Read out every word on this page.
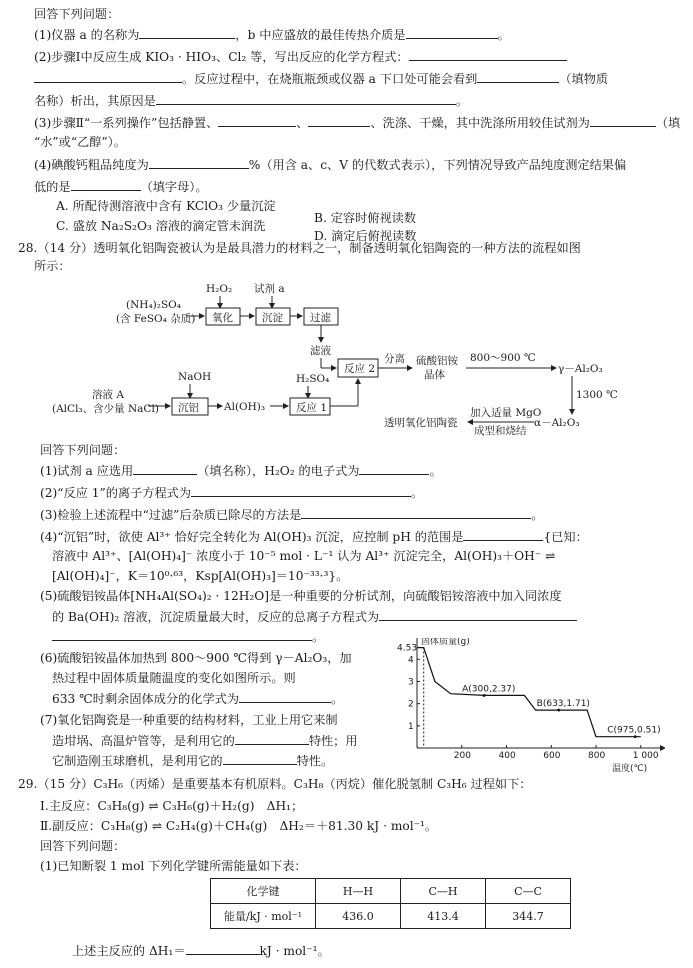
回答下列问题：
(1)仪器 a 的名称为	，b 中应盛放的最佳传热介质是	。
(2)步骤Ⅰ中反应生成 KIO₃ · HIO₃、Cl₂ 等，写出反应的化学方程式：
。反应过程中，在烧瓶瓶颈或仪器 a 下口处可能会看到	（填物质
名称）析出，其原因是	。
(3)步骤Ⅱ“一系列操作”包括静置、	、	、洗涤、干燥，其中洗涤所用较佳试剂为	（填
“水”或“乙醇”）。
(4)碘酸钙粗品纯度为	%（用含 a、c、V 的代数式表示），下列情况导致产品纯度测定结果偏
低的是	（填字母）。
A. 所配待测溶液中含有 KClO₃ 少量沉淀
C. 盛放 Na₂S₂O₃ 溶液的滴定管未润洗
B. 定容时俯视读数
D. 滴定后俯视读数
28.（14 分）透明氧化铝陶瓷被认为是最具潜力的材料之一，制备透明氧化铝陶瓷的一种方法的流程如图
所示：
(NH₄)₂SO₄
(含 FeSO₄ 杂质)
H₂O₂
氧化
试剂 a
沉淀	过滤
滤液
反应 2
分离 硫酸铝铵
晶体
800～900 ℃
γ－Al₂O₃
1300 ℃
α－Al₂O₃
加入适量 MgO
成型和烧结
透明氧化铝陶瓷
溶液 A
(AlCl₃、含少量 NaCl)
NaOH
沉铝 Al(OH)₃
H₂SO₄
反应 1
回答下列问题：
(1)试剂 a 应选用	（填名称），H₂O₂ 的电子式为	。
(2)“反应 1”的离子方程式为	。
(3)检验上述流程中“过滤”后杂质已除尽的方法是	。
(4)“沉铝”时，欲使 Al³⁺ 恰好完全转化为 Al(OH)₃ 沉淀，应控制 pH 的范围是	{已知：
溶液中 Al³⁺、[Al(OH)₄]⁻ 浓度小于 10⁻⁵ mol · L⁻¹ 认为 Al³⁺ 沉淀完全，Al(OH)₃＋OH⁻ ⇌
[Al(OH)₄]⁻，K＝10⁰·⁶³，Ksp[Al(OH)₃]＝10⁻³³·³}。
(5)硫酸铝铵晶体[NH₄Al(SO₄)₂ · 12H₂O]是一种重要的分析试剂，向硫酸铝铵溶液中加入同浓度
的 Ba(OH)₂ 溶液，沉淀质量最大时，反应的总离子方程式为
。
(6)硫酸铝铵晶体加热到 800～900 ℃得到 γ－Al₂O₃，加
热过程中固体质量随温度的变化如图所示。则
633 ℃时剩余固体成分的化学式为	。
(7)氧化铝陶瓷是一种重要的结构材料，工业上用它来制
造坩埚、高温炉管等，是利用它的	特性；用
它制造刚玉球磨机，是利用它的	特性。	200	400	600	800	1 000
1
2
3
4
4.53
固体质量(g)
温度(℃)
A(300,2.37)
B(633,1.71)
C(975,0.51)
29.（15 分）C₃H₆（丙烯）是重要基本有机原料。C₃H₈（丙烷）催化脱氢制 C₃H₆ 过程如下：
Ⅰ.主反应：C₃H₈(g) ⇌ C₃H₆(g)＋H₂(g)　ΔH₁；
Ⅱ.副反应：C₃H₈(g) ⇌ C₂H₄(g)＋CH₄(g)　ΔH₂＝＋81.30 kJ · mol⁻¹。
回答下列问题：
(1)已知断裂 1 mol 下列化学键所需能量如下表：
化学键	H—H	C—H	C—C
能量/kJ · mol⁻¹	436.0	413.4	344.7
上述主反应的 ΔH₁＝	kJ · mol⁻¹。
